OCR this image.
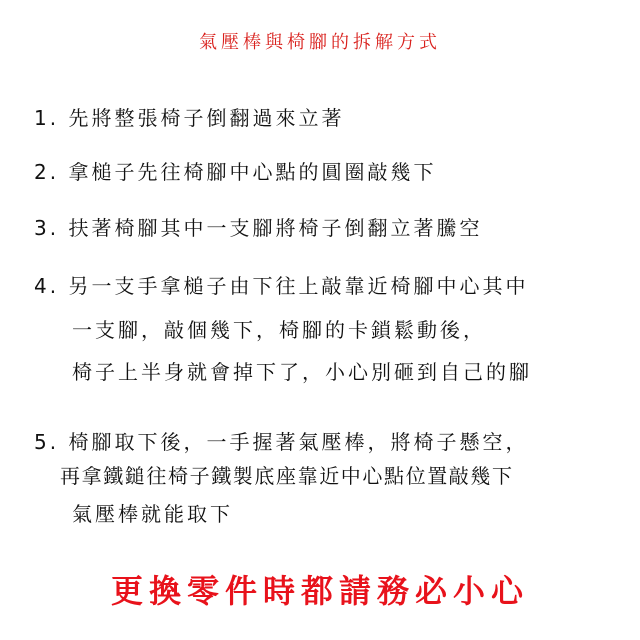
氣壓棒與椅腳的拆解方式
1. 先將整張椅子倒翻過來立著
2. 拿槌子先往椅腳中心點的圓圈敲幾下
3. 扶著椅腳其中一支腳將椅子倒翻立著騰空
4. 另一支手拿槌子由下往上敲靠近椅腳中心其中
一支腳，敲個幾下，椅腳的卡鎖鬆動後，
椅子上半身就會掉下了，小心別砸到自己的腳
5. 椅腳取下後，一手握著氣壓棒，將椅子懸空，
再拿鐵鎚往椅子鐵製底座靠近中心點位置敲幾下
氣壓棒就能取下
更換零件時都請務必小心
